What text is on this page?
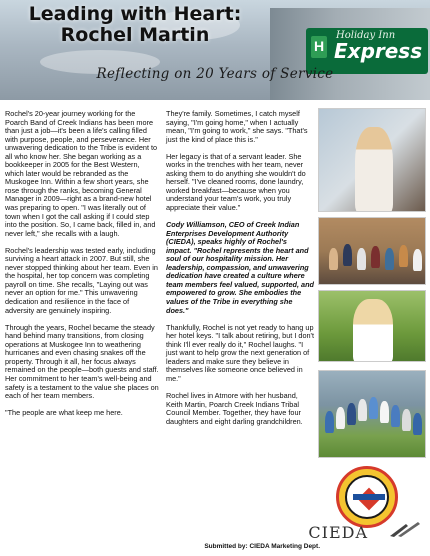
H
Holiday Inn
Express
Leading with Heart:
Rochel Martin
Reflecting on 20 Years of Service

Rochel's 20-year journey working for the Poarch Band of Creek Indians has been more than just a job—it's been a life's calling filled with purpose, people, and perseverance. Her unwavering dedication to the Tribe is evident to all who know her. She began working as a bookkeeper in 2005 for the Best Western, which later would be rebranded as the Muskogee Inn. Within a few short years, she rose through the ranks, becoming General Manager in 2009—right as a brand-new hotel was preparing to open. "I was literally out of town when I got the call asking if I could step into the position. So, I came back, filled in, and never left," she recalls with a laugh.

Rochel's leadership was tested early, including surviving a heart attack in 2007. But still, she never stopped thinking about her team. Even in the hospital, her top concern was completing payroll on time. She recalls, "Laying out was never an option for me." This unwavering dedication and resilience in the face of adversity are genuinely inspiring.

Through the years, Rochel became the steady hand behind many transitions, from closing operations at Muskogee Inn to weathering hurricanes and even chasing snakes off the property. Through it all, her focus always remained on the people—both guests and staff. Her commitment to her team's well-being and safety is a testament to the value she places on each of her team members.

"The people are what keep me here.

They're family. Sometimes, I catch myself saying, "I'm going home," when I actually mean, "I'm going to work," she says. "That's just the kind of place this is."

Her legacy is that of a servant leader. She works in the trenches with her team, never asking them to do anything she wouldn't do herself. "I've cleaned rooms, done laundry, worked breakfast—because when you understand your team's work, you truly appreciate their value."

Cody Williamson, CEO of Creek Indian Enterprises Development Authority (CIEDA), speaks highly of Rochel's impact. "Rochel represents the heart and soul of our hospitality mission. Her leadership, compassion, and unwavering dedication have created a culture where team members feel valued, supported, and empowered to grow. She embodies the values of the Tribe in everything she does."

Thankfully, Rochel is not yet ready to hang up her hotel keys. "I talk about retiring, but I don't think I'll ever really do it," Rochel laughs. "I just want to help grow the next generation of leaders and make sure they believe in themselves like someone once believed in me."

Rochel lives in Atmore with her husband, Keith Martin, Poarch Creek Indians Tribal Council Member. Together, they have four daughters and eight darling grandchildren.

CIEDA
Submitted by: CIEDA Marketing Dept.
